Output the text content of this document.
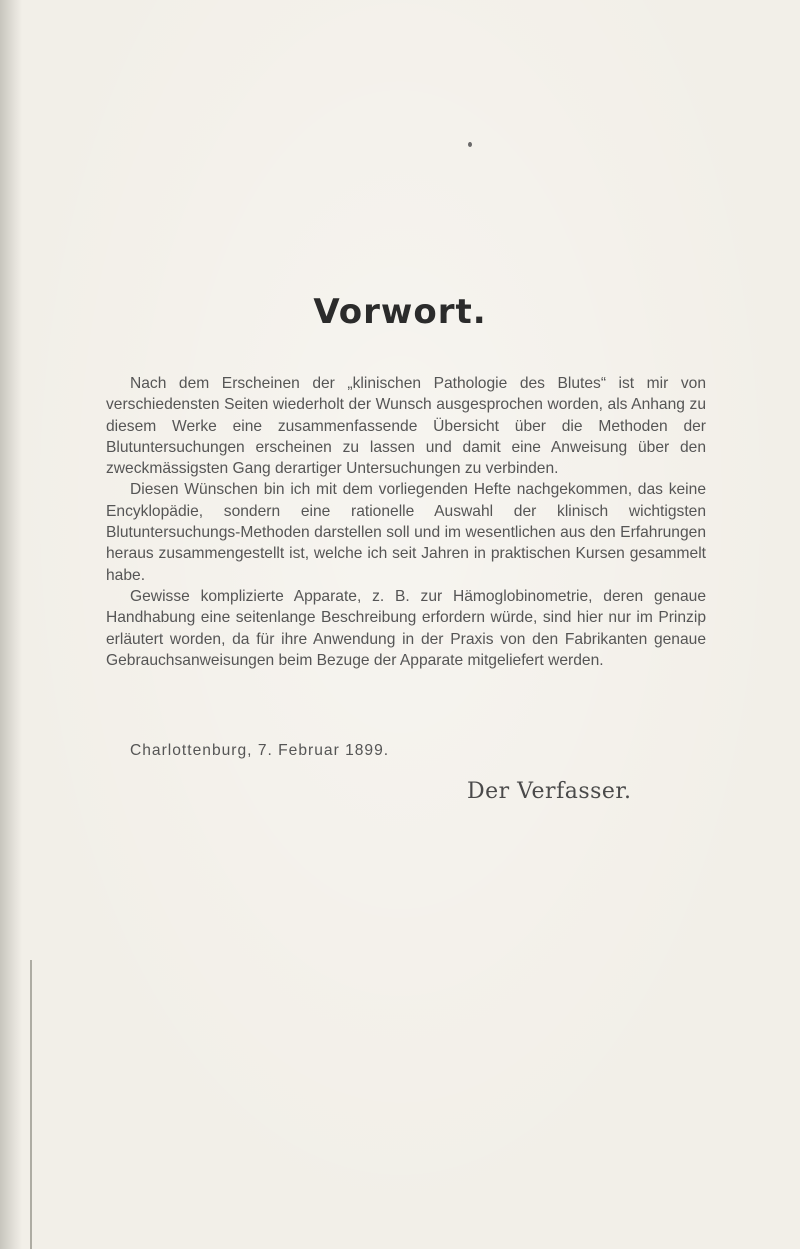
Vorwort.

Nach dem Erscheinen der „klinischen Pathologie des Blutes“ ist mir von verschiedensten Seiten wiederholt der Wunsch ausgesprochen worden, als Anhang zu diesem Werke eine zusammenfassende Übersicht über die Methoden der Blutuntersuchungen erscheinen zu lassen und damit eine Anweisung über den zweckmässigsten Gang derartiger Untersuchungen zu verbinden.

Diesen Wünschen bin ich mit dem vorliegenden Hefte nachgekommen, das keine Encyklopädie, sondern eine rationelle Auswahl der klinisch wichtigsten Blutuntersuchungs-Methoden darstellen soll und im wesentlichen aus den Erfahrungen heraus zusammengestellt ist, welche ich seit Jahren in praktischen Kursen gesammelt habe.

Gewisse komplizierte Apparate, z. B. zur Hämoglobinometrie, deren genaue Handhabung eine seitenlange Beschreibung erfordern würde, sind hier nur im Prinzip erläutert worden, da für ihre Anwendung in der Praxis von den Fabrikanten genaue Gebrauchsanweisungen beim Bezuge der Apparate mitgeliefert werden.

Charlottenburg, 7. Februar 1899.

Der Verfasser.
